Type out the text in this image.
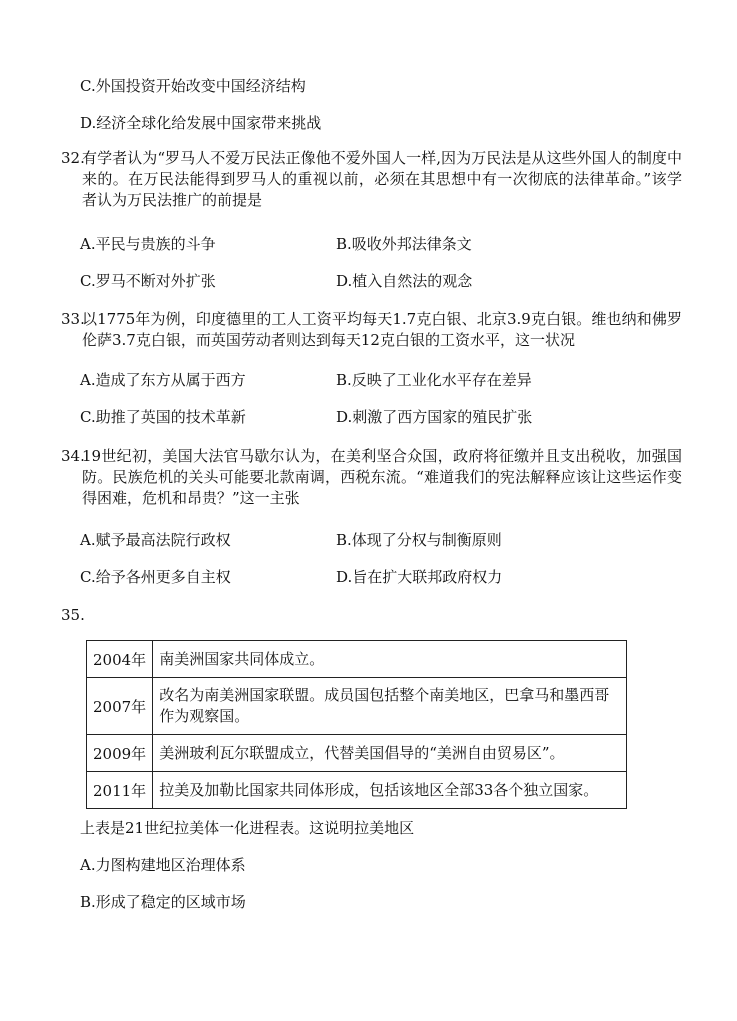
C.外国投资开始改变中国经济结构
D.经济全球化给发展中国家带来挑战
32.
有学者认为“罗马人不爱万民法正像他不爱外国人一样,因为万民法是从这些外国人的制度中来的。在万民法能得到罗马人的重视以前，必须在其思想中有一次彻底的法律革命。”该学者认为万民法推广的前提是
A.平民与贵族的斗争	B.吸收外邦法律条文
C.罗马不断对外扩张	D.植入自然法的观念
33.
以1775年为例，印度德里的工人工资平均每天1.7克白银、北京3.9克白银。维也纳和佛罗伦萨3.7克白银，而英国劳动者则达到每天12克白银的工资水平，这一状况
A.造成了东方从属于西方	B.反映了工业化水平存在差异
C.助推了英国的技术革新	D.刺激了西方国家的殖民扩张
34.
19世纪初，美国大法官马歇尔认为，在美利坚合众国，政府将征缴并且支出税收，加强国防。民族危机的关头可能要北款南调，西税东流。“难道我们的宪法解释应该让这些运作变得困难，危机和昂贵？”这一主张
A.赋予最高法院行政权	B.体现了分权与制衡原则
C.给予各州更多自主权	D.旨在扩大联邦政府权力
35.
2004年	南美洲国家共同体成立。
2007年	改名为南美洲国家联盟。成员国包括整个南美地区，巴拿马和墨西哥作为观察国。
2009年	美洲玻利瓦尔联盟成立，代替美国倡导的“美洲自由贸易区”。
2011年	拉美及加勒比国家共同体形成，包括该地区全部33各个独立国家。
上表是21世纪拉美体一化进程表。这说明拉美地区
A.力图构建地区治理体系
B.形成了稳定的区域市场
